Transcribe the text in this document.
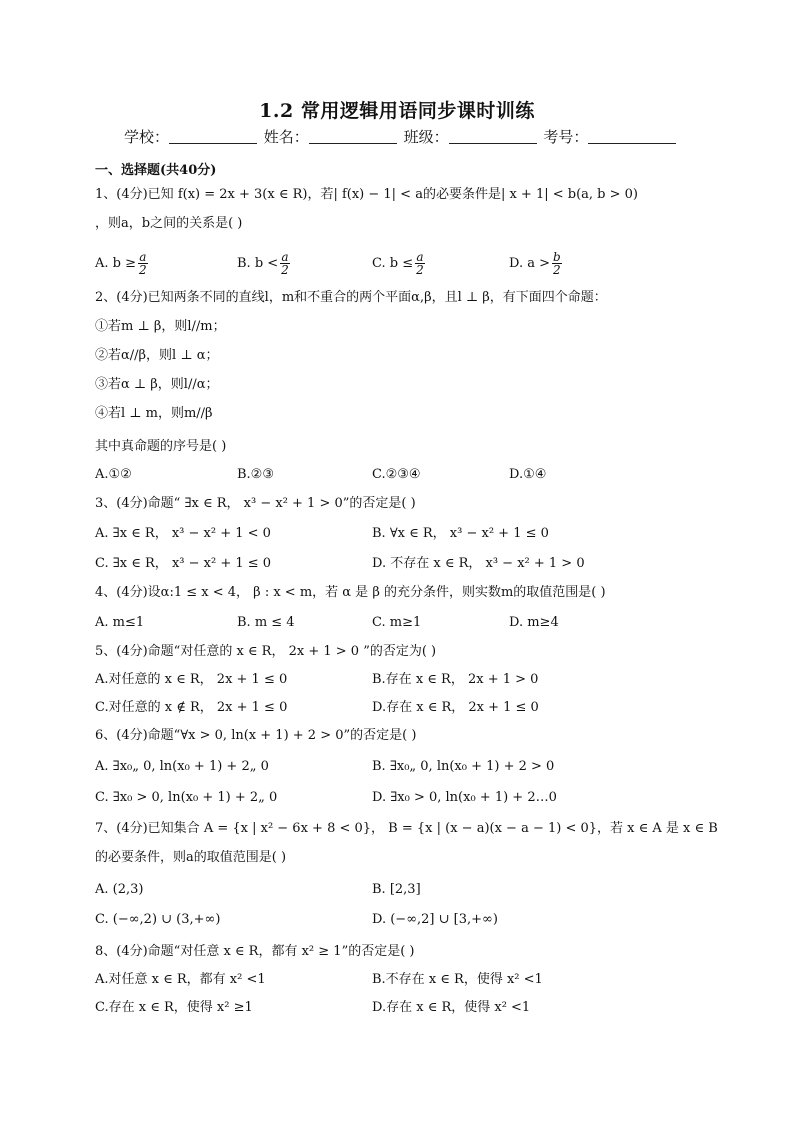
1.2 常用逻辑用语同步课时训练
学校：	姓名：	班级：	考号：
一、选择题(共40分)
1、(4分)已知 f(x) = 2x + 3(x ∈ R)，若| f(x) − 1| < a的必要条件是| x + 1| < b(a, b > 0)
，则a，b之间的关系是( )
A. $b \ge \frac{a}{2}$	B. $b < \frac{a}{2}$	C. $b \le \frac{a}{2}$	D. $a > \frac{b}{2}$
2、(4分)已知两条不同的直线l，m和不重合的两个平面α,β，且l ⊥ β，有下面四个命题：
①若m ⊥ β，则l//m；
②若α//β，则l ⊥ α；
③若α ⊥ β，则l//α；
④若l ⊥ m，则m//β
其中真命题的序号是( )
A.①②	B.②③	C.②③④	D.①④
3、(4分)命题“ ∃x ∈ R， x³ − x² + 1 > 0”的否定是( )
A. ∃x ∈ R， x³ − x² + 1 < 0	B. ∀x ∈ R， x³ − x² + 1 ≤ 0
C. ∃x ∈ R， x³ − x² + 1 ≤ 0	D. 不存在 x ∈ R， x³ − x² + 1 > 0
4、(4分)设α:1 ≤ x < 4， β : x < m，若 α 是 β 的充分条件，则实数m的取值范围是( )
A. m≤1	B. m ≤ 4	C. m≥1	D. m≥4
5、(4分)命题“对任意的 x ∈ R， 2x + 1 > 0 ”的否定为( )
A.对任意的 x ∈ R， 2x + 1 ≤ 0	B.存在 x ∈ R， 2x + 1 > 0
C.对任意的 x ∉ R， 2x + 1 ≤ 0	D.存在 x ∈ R， 2x + 1 ≤ 0
6、(4分)命题“∀x > 0, ln(x + 1) + 2 > 0”的否定是( )
A. ∃x₀„ 0, ln(x₀ + 1) + 2„ 0	B. ∃x₀„ 0, ln(x₀ + 1) + 2 > 0
C. ∃x₀ > 0, ln(x₀ + 1) + 2„ 0	D. ∃x₀ > 0, ln(x₀ + 1) + 2…0
7、(4分)已知集合 A = {x | x² − 6x + 8 < 0}， B = {x | (x − a)(x − a − 1) < 0}，若 x ∈ A 是 x ∈ B
的必要条件，则a的取值范围是( )
A. (2,3)	B. [2,3]
C. (−∞,2) ∪ (3,+∞)	D. (−∞,2] ∪ [3,+∞)
8、(4分)命题“对任意 x ∈ R，都有 x² ≥ 1”的否定是( )
A.对任意 x ∈ R，都有 x² <1	B.不存在 x ∈ R，使得 x² <1
C.存在 x ∈ R，使得 x² ≥1	D.存在 x ∈ R，使得 x² <1
